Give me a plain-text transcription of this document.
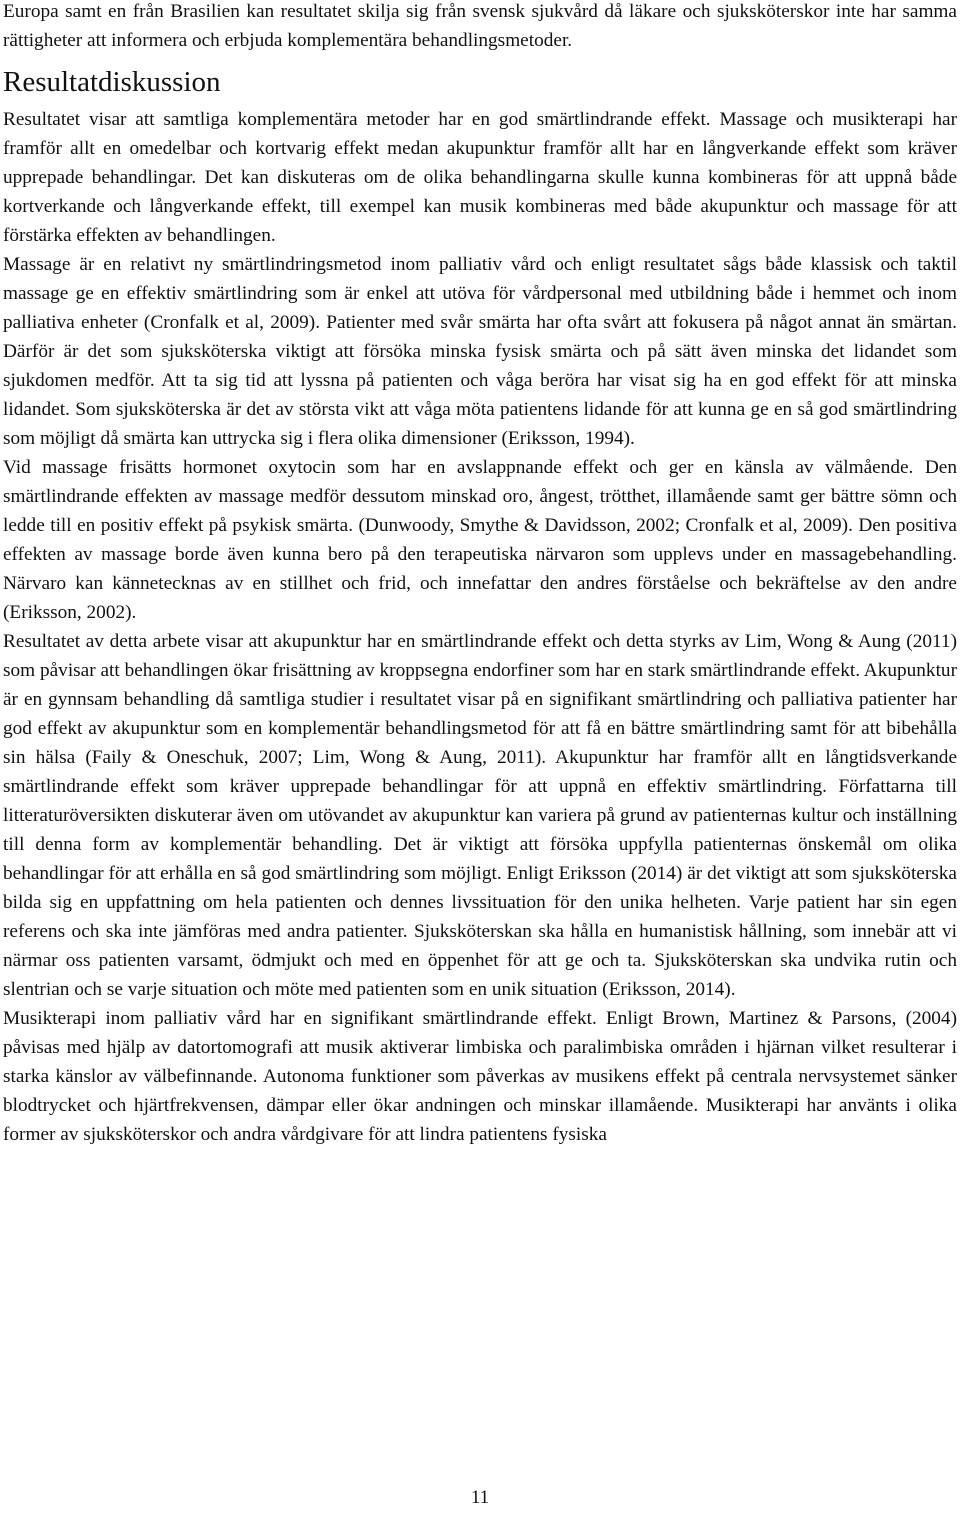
Europa samt en från Brasilien kan resultatet skilja sig från svensk sjukvård då läkare och sjuksköterskor inte har samma rättigheter att informera och erbjuda komplementära behandlingsmetoder.

Resultatdiskussion

Resultatet visar att samtliga komplementära metoder har en god smärtlindrande effekt. Massage och musikterapi har framför allt en omedelbar och kortvarig effekt medan akupunktur framför allt har en långverkande effekt som kräver upprepade behandlingar. Det kan diskuteras om de olika behandlingarna skulle kunna kombineras för att uppnå både kortverkande och långverkande effekt, till exempel kan musik kombineras med både akupunktur och massage för att förstärka effekten av behandlingen.

Massage är en relativt ny smärtlindringsmetod inom palliativ vård och enligt resultatet sågs både klassisk och taktil massage ge en effektiv smärtlindring som är enkel att utöva för vårdpersonal med utbildning både i hemmet och inom palliativa enheter (Cronfalk et al, 2009). Patienter med svår smärta har ofta svårt att fokusera på något annat än smärtan. Därför är det som sjuksköterska viktigt att försöka minska fysisk smärta och på sätt även minska det lidandet som sjukdomen medför. Att ta sig tid att lyssna på patienten och våga beröra har visat sig ha en god effekt för att minska lidandet. Som sjuksköterska är det av största vikt att våga möta patientens lidande för att kunna ge en så god smärtlindring som möjligt då smärta kan uttrycka sig i flera olika dimensioner (Eriksson, 1994).

Vid massage frisätts hormonet oxytocin som har en avslappnande effekt och ger en känsla av välmående. Den smärtlindrande effekten av massage medför dessutom minskad oro, ångest, trötthet, illamående samt ger bättre sömn och ledde till en positiv effekt på psykisk smärta. (Dunwoody, Smythe & Davidsson, 2002; Cronfalk et al, 2009). Den positiva effekten av massage borde även kunna bero på den terapeutiska närvaron som upplevs under en massagebehandling. Närvaro kan kännetecknas av en stillhet och frid, och innefattar den andres förståelse och bekräftelse av den andre (Eriksson, 2002).

Resultatet av detta arbete visar att akupunktur har en smärtlindrande effekt och detta styrks av Lim, Wong & Aung (2011) som påvisar att behandlingen ökar frisättning av kroppsegna endorfiner som har en stark smärtlindrande effekt. Akupunktur är en gynnsam behandling då samtliga studier i resultatet visar på en signifikant smärtlindring och palliativa patienter har god effekt av akupunktur som en komplementär behandlingsmetod för att få en bättre smärtlindring samt för att bibehålla sin hälsa (Faily & Oneschuk, 2007; Lim, Wong & Aung, 2011). Akupunktur har framför allt en långtidsverkande smärtlindrande effekt som kräver upprepade behandlingar för att uppnå en effektiv smärtlindring. Författarna till litteraturöversikten diskuterar även om utövandet av akupunktur kan variera på grund av patienternas kultur och inställning till denna form av komplementär behandling. Det är viktigt att försöka uppfylla patienternas önskemål om olika behandlingar för att erhålla en så god smärtlindring som möjligt. Enligt Eriksson (2014) är det viktigt att som sjuksköterska bilda sig en uppfattning om hela patienten och dennes livssituation för den unika helheten. Varje patient har sin egen referens och ska inte jämföras med andra patienter. Sjuksköterskan ska hålla en humanistisk hållning, som innebär att vi närmar oss patienten varsamt, ödmjukt och med en öppenhet för att ge och ta. Sjuksköterskan ska undvika rutin och slentrian och se varje situation och möte med patienten som en unik situation (Eriksson, 2014).

Musikterapi inom palliativ vård har en signifikant smärtlindrande effekt. Enligt Brown, Martinez & Parsons, (2004) påvisas med hjälp av datortomografi att musik aktiverar limbiska och paralimbiska områden i hjärnan vilket resulterar i starka känslor av välbefinnande. Autonoma funktioner som påverkas av musikens effekt på centrala nervsystemet sänker blodtrycket och hjärtfrekvensen, dämpar eller ökar andningen och minskar illamående. Musikterapi har använts i olika former av sjuksköterskor och andra vårdgivare för att lindra patientens fysiska

11
